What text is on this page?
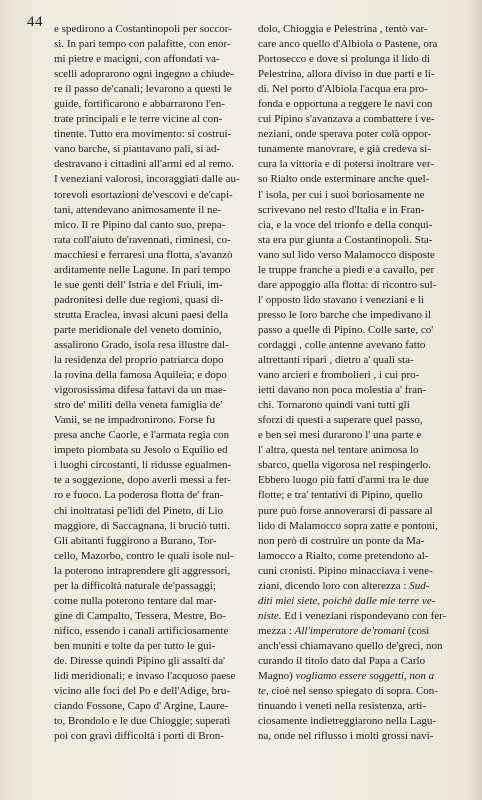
44 e spedirono a Costantinopoli per soccor-
si. In pari tempo con palafitte, con enor-
mi pietre e macigni, con affondati va-
scelli adoprarono ogni ingegno a chiude-
re il passo de'canali; levarono a questi le
guide, fortificarono e abbarrarono l'en-
trate principali e le terre vicine al con-
tinente. Tutto era movimento: si costrui-
vano barche, si piantavano pali, si ad-
destravano i cittadini all'armi ed al remo.
I veneziani valorosi, incoraggiati dalle au-
torevoli esortazioni de'vescovi e de'capi-
tani, attendevano animosamente il ne-
mico. Il re Pipino dal canto suo, prepa-
rata coll'aiuto de'ravennati, riminesi, co-
macchiesi e ferraresi una flotta, s'avanzò
arditamente nelle Lagune. In pari tempo
le sue genti dell' Istria e del Friuli, im-
padronitesi delle due regioni, quasi di-
strutta Eraclea, invasi alcuni paesi della
parte meridionale del veneto dominio,
assalirono Grado, isola resa illustre dal-
la residenza del proprio patriarca dopo
la rovina della famosa Aquileia; e dopo
vigorosissima difesa fattavi da un mae-
stro de' militi della veneta famiglia de'
Vanii, se ne impadronirono. Forse fu
presa anche Caorle, e l'armata regia con
impeto piombata su Jesolo o Equilio ed
i luoghi circostanti, li ridusse egualmen-
te a soggezione, dopo averli messi a fer-
ro e fuoco. La poderosa flotta de' fran-
chi inoltratasi pe'lidi del Pineto, di Lio
maggiore, di Saccagnana, li bruciò tutti.
Gli abitanti fuggirono a Burano, Tor-
cello, Mazorbo, contro le quali isole nul-
la poterono intraprendere gli aggressori,
per la difficoltà naturale de'passaggi;
come nulla poterono tentare dal mar-
gine di Campalto, Tessera, Mestre, Bo-
nifico, essendo i canali artificiosamente
ben muniti e tolte da per tutto le gui-
de. Diresse quindi Pipino gli assalti da'
lidi meridionali; e invaso l'acquoso paese
vicino alle foci del Po e dell'Adige, bru-
ciando Fossone, Capo d' Argine, Laure-
to, Brondolo e le due Chioggie; superati
poi con gravi difficoltà i porti di Bron-
dolo, Chioggia e Pelestrina , tentò var-
care anco quello d'Albiola o Pastene, ora
Portosecco e dove si prolunga il lido di
Pelestrina, allora diviso in due parti e li-
di. Nel porto d'Albiola l'acqua era pro-
fonda e opportuna a reggere le navi con
cui Pipino s'avanzava a combattere i ve-
neziani, onde sperava poter colà oppor-
tunamente manovrare, e già credeva si-
cura la vittoria e di potersi inoltrare ver-
so Rialto onde esterminare anche quel-
l' isola, per cui i suoi boriosamente ne
scrivevano nel resto d'Italia e in Fran-
cia, e la voce del trionfo e della conqui-
sta era pur giunta a Costantinopoli. Sta-
vano sul lido verso Malamocco disposte
le truppe franche a piedi e a cavallo, per
dare appoggio alla flotta: di ricontro sul-
l' opposto lido stavano i veneziani e li
presso le loro barche che impedivano il
passo a quelle di Pipino. Colle sarte, co'
cordaggi , colle antenne avevano fatto
altrettanti ripari , dietro a' quali sta-
vano arcieri e frombolieri , i cui pro-
ietti davano non poca molestia a' fran-
chi. Tornarono quindi vani tutti gli
sforzi di questi a superare quel passo,
e ben sei mesi durarono l' una parte e
l' altra, questa nel tentare animosa lo
sbarco, quella vigorosa nel respingerlo.
Ebbero luogo più fatti d'armi tra le due
flotte; e tra' tentativi di Pipino, quello
pure può forse annoverarsi di passare al
lido di Malamocco sopra zatte e pontoni,
non però di costruire un ponte da Ma-
lamocco a Rialto, come pretendono al-
cuni cronisti. Pipino minacciava i vene-
ziani, dicendo loro con alterezza : Sud-
diti miei siete, poichè dalle mie terre ve-
niste. Ed i veneziani rispondevano con fer-
mezza : All'imperatore de'romani (così
anch'essi chiamavano quello de'greci, non
curando il titolo dato dal Papa a Carlo
Magno) vogliamo essere soggetti, non a
te, cioè nel senso spiegato di sopra. Con-
tinuando i veneti nella resistenza, arti-
ciosamente indietreggiarono nella Lagu-
na, onde nel riflusso i molti grossi navi-
